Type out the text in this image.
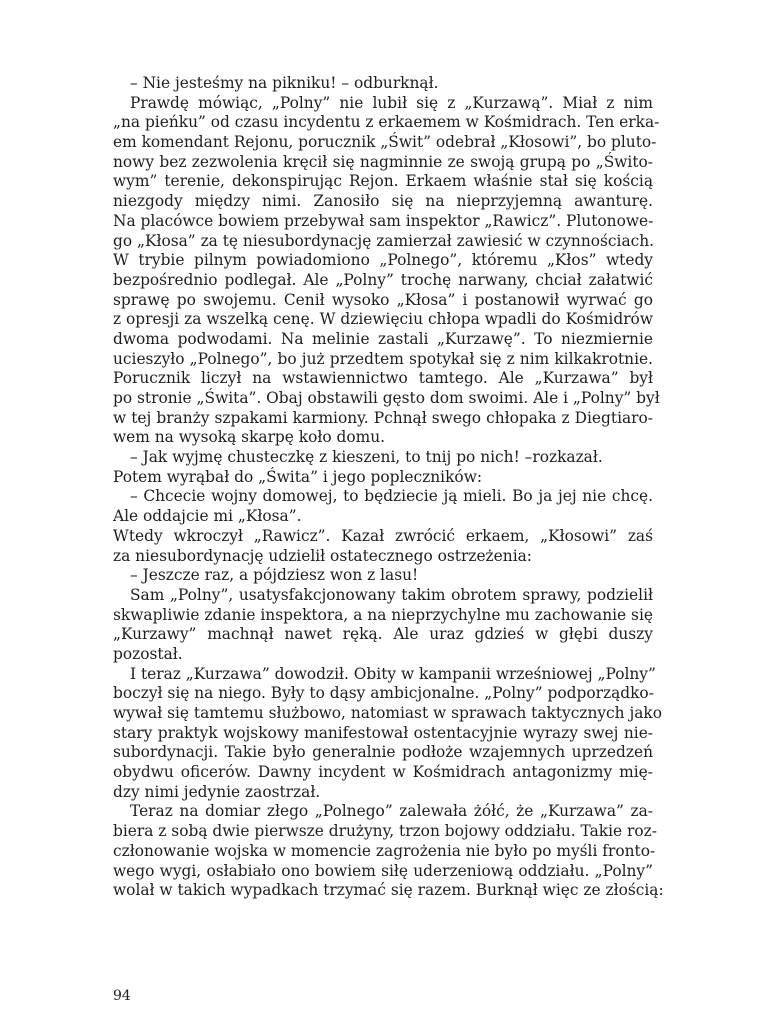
– Nie jesteśmy na pikniku! – odburknął.
Prawdę mówiąc, „Polny” nie lubił się z „Kurzawą”. Miał z nim
„na pieńku” od czasu incydentu z erkaemem w Kośmidrach. Ten erka-
em komendant Rejonu, porucznik „Świt” odebrał „Kłosowi”, bo pluto-
nowy bez zezwolenia kręcił się nagminnie ze swoją grupą po „Świto-
wym” terenie, dekonspirując Rejon. Erkaem właśnie stał się kością
niezgody między nimi. Zanosiło się na nieprzyjemną awanturę.
Na placówce bowiem przebywał sam inspektor „Rawicz”. Plutonowe-
go „Kłosa” za tę niesubordynację zamierzał zawiesić w czynnościach.
W trybie pilnym powiadomiono „Polnego”, któremu „Kłos” wtedy
bezpośrednio podlegał. Ale „Polny” trochę narwany, chciał załatwić
sprawę po swojemu. Cenił wysoko „Kłosa” i postanowił wyrwać go
z opresji za wszelką cenę. W dziewięciu chłopa wpadli do Kośmidrów
dwoma podwodami. Na melinie zastali „Kurzawę”. To niezmiernie
ucieszyło „Polnego”, bo już przedtem spotykał się z nim kilkakrotnie.
Porucznik liczył na wstawiennictwo tamtego. Ale „Kurzawa” był
po stronie „Świta”. Obaj obstawili gęsto dom swoimi. Ale i „Polny” był
w tej branży szpakami karmiony. Pchnął swego chłopaka z Diegtiaro-
wem na wysoką skarpę koło domu.
– Jak wyjmę chusteczkę z kieszeni, to tnij po nich! –rozkazał.
Potem wyrąbał do „Świta” i jego popleczników:
– Chcecie wojny domowej, to będziecie ją mieli. Bo ja jej nie chcę.
Ale oddajcie mi „Kłosa”.
Wtedy wkroczył „Rawicz”. Kazał zwrócić erkaem, „Kłosowi” zaś
za niesubordynację udzielił ostatecznego ostrzeżenia:
– Jeszcze raz, a pójdziesz won z lasu!
Sam „Polny”, usatysfakcjonowany takim obrotem sprawy, podzielił
skwapliwie zdanie inspektora, a na nieprzychylne mu zachowanie się
„Kurzawy” machnął nawet ręką. Ale uraz gdzieś w głębi duszy
pozostał.
I teraz „Kurzawa” dowodził. Obity w kampanii wrześniowej „Polny”
boczył się na niego. Były to dąsy ambicjonalne. „Polny” podporządko-
wywał się tamtemu służbowo, natomiast w sprawach taktycznych jako
stary praktyk wojskowy manifestował ostentacyjnie wyrazy swej nie-
subordynacji. Takie było generalnie podłoże wzajemnych uprzedzeń
obydwu oficerów. Dawny incydent w Kośmidrach antagonizmy mię-
dzy nimi jedynie zaostrzał.
Teraz na domiar złego „Polnego” zalewała żółć, że „Kurzawa” za-
biera z sobą dwie pierwsze drużyny, trzon bojowy oddziału. Takie roz-
członowanie wojska w momencie zagrożenia nie było po myśli fronto-
wego wygi, osłabiało ono bowiem siłę uderzeniową oddziału. „Polny”
wolał w takich wypadkach trzymać się razem. Burknął więc ze złością:
94
